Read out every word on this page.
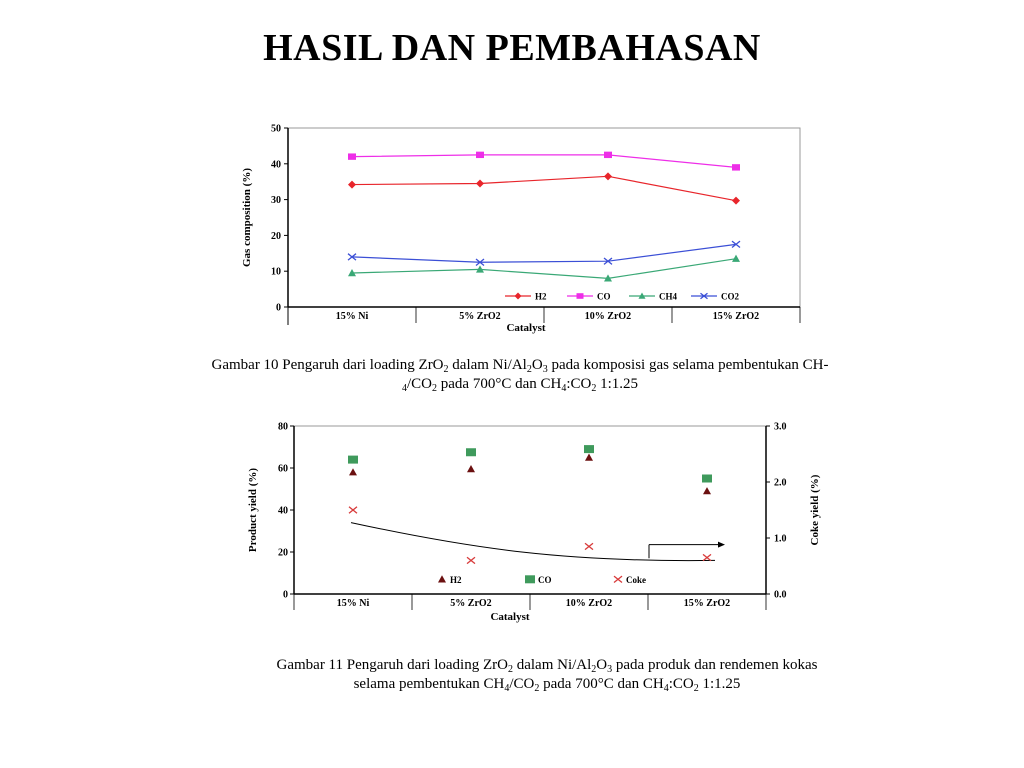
HASIL DAN PEMBAHASAN
0
10
20
30
40
50
15% Ni	5% ZrO2	10% ZrO2	15% ZrO2
Catalyst
Gas composition (%)
H2	CO	CH4	CO2
Gambar 10 Pengaruh dari loading ZrO$_2$ dalam $Ni/Al_2O_3$ pada komposisi gas selama pembentukan CH-
$_4/CO_2$ pada 700°C dan $CH_4:CO_2$ 1:1.25
0
20
40
60
80
0.0
1.0
2.0
3.0
15% Ni	5% ZrO2	10% ZrO2	15% ZrO2
Catalyst
Product yield (%)	Coke yield (%)
H2	CO	Coke
Gambar 11 Pengaruh dari loading ZrO$_2$ dalam $Ni/Al_2O_3$ pada produk dan rendemen kokas
selama pembentukan $CH_4/CO_2$ pada 700°C dan $CH_4:CO_2$ 1:1.25
